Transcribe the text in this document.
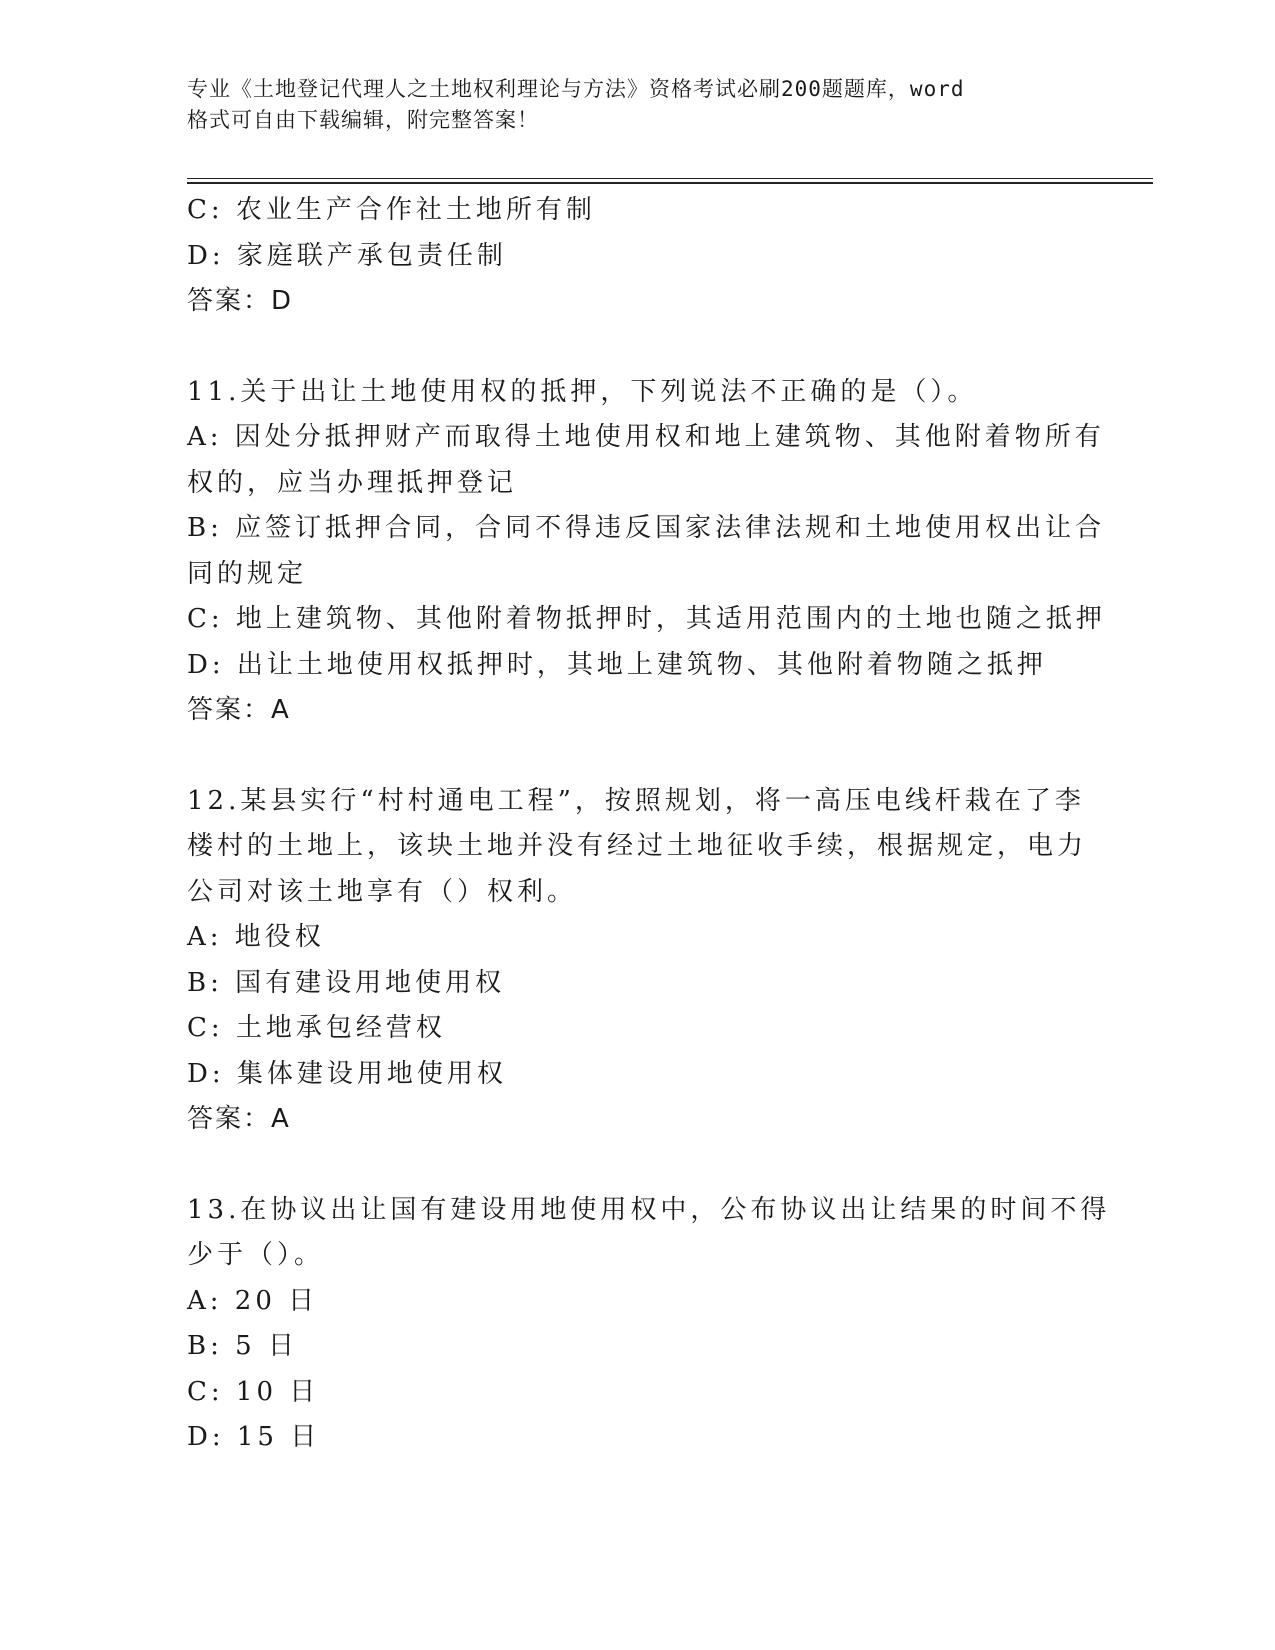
专业《土地登记代理人之土地权利理论与方法》资格考试必刷200题题库，word
格式可自由下载编辑，附完整答案！
C: 农业生产合作社土地所有制
D: 家庭联产承包责任制
答案：D
11.关于出让土地使用权的抵押，下列说法不正确的是（）。
A: 因处分抵押财产而取得土地使用权和地上建筑物、其他附着物所有
权的，应当办理抵押登记
B: 应签订抵押合同，合同不得违反国家法律法规和土地使用权出让合
同的规定
C: 地上建筑物、其他附着物抵押时，其适用范围内的土地也随之抵押
D: 出让土地使用权抵押时，其地上建筑物、其他附着物随之抵押
答案：A
12.某县实行“村村通电工程”，按照规划，将一高压电线杆栽在了李
楼村的土地上，该块土地并没有经过土地征收手续，根据规定，电力
公司对该土地享有（）权利。
A: 地役权
B: 国有建设用地使用权
C: 土地承包经营权
D: 集体建设用地使用权
答案：A
13.在协议出让国有建设用地使用权中，公布协议出让结果的时间不得
少于（）。
A: 20 日
B: 5 日
C: 10 日
D: 15 日
